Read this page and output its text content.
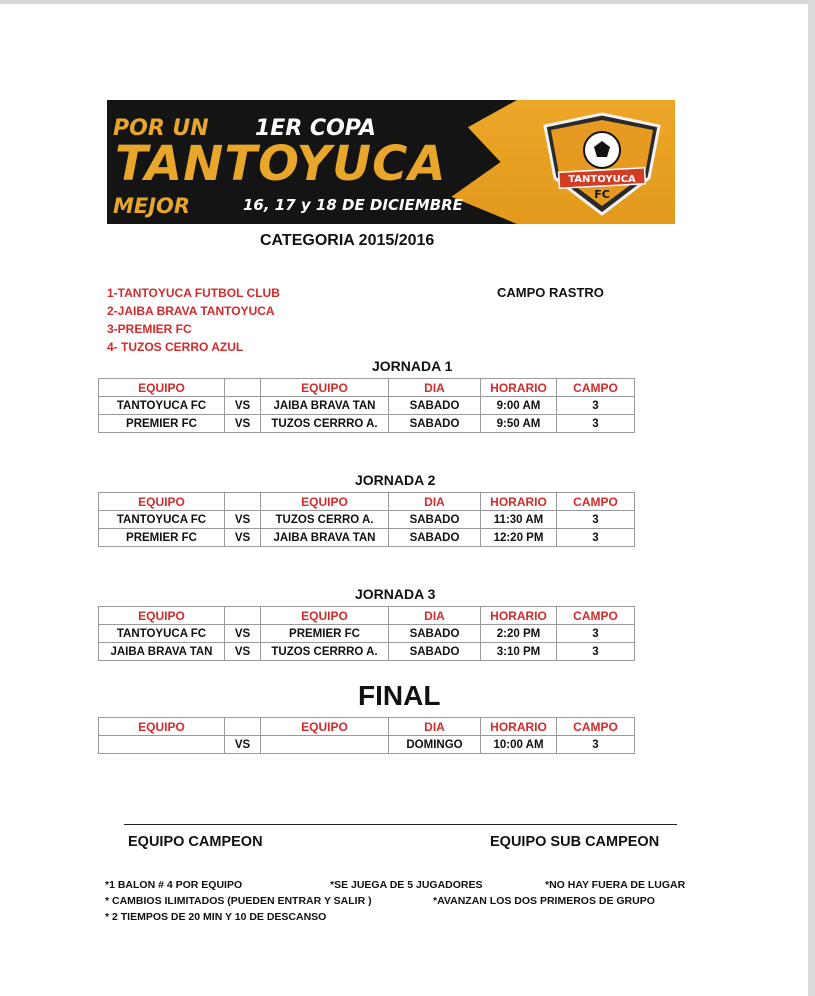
POR UN 1ER COPA
TANTOYUCA
MEJOR	16, 17 y 18 DE DICIEMBRE
TANTOYUCA
FC
CATEGORIA 2015/2016
1-TANTOYUCA FUTBOL CLUB
2-JAIBA BRAVA TANTOYUCA
3-PREMIER FC
4- TUZOS CERRO AZUL
CAMPO RASTRO
JORNADA 1
EQUIPO		EQUIPO	DIA	HORARIO	CAMPO
TANTOYUCA FC	VS	JAIBA BRAVA TAN	SABADO	9:00 AM	3
PREMIER FC	VS	TUZOS CERRRO A.	SABADO	9:50 AM	3
JORNADA 2
EQUIPO		EQUIPO	DIA	HORARIO	CAMPO
TANTOYUCA FC	VS	TUZOS CERRO A.	SABADO	11:30 AM	3
PREMIER FC	VS	JAIBA BRAVA TAN	SABADO	12:20 PM	3
JORNADA 3
EQUIPO		EQUIPO	DIA	HORARIO	CAMPO
TANTOYUCA FC	VS	PREMIER FC	SABADO	2:20 PM	3
JAIBA BRAVA TAN	VS	TUZOS CERRRO A.	SABADO	3:10 PM	3
FINAL
EQUIPO		EQUIPO	DIA	HORARIO	CAMPO
	VS		DOMINGO	10:00 AM	3
EQUIPO CAMPEON	EQUIPO SUB CAMPEON
*1 BALON # 4 POR EQUIPO	*SE JUEGA DE 5 JUGADORES	*NO HAY FUERA DE LUGAR
* CAMBIOS ILIMITADOS (PUEDEN ENTRAR Y SALIR )	*AVANZAN LOS DOS PRIMEROS DE GRUPO
* 2 TIEMPOS DE 20 MIN Y 10 DE DESCANSO
